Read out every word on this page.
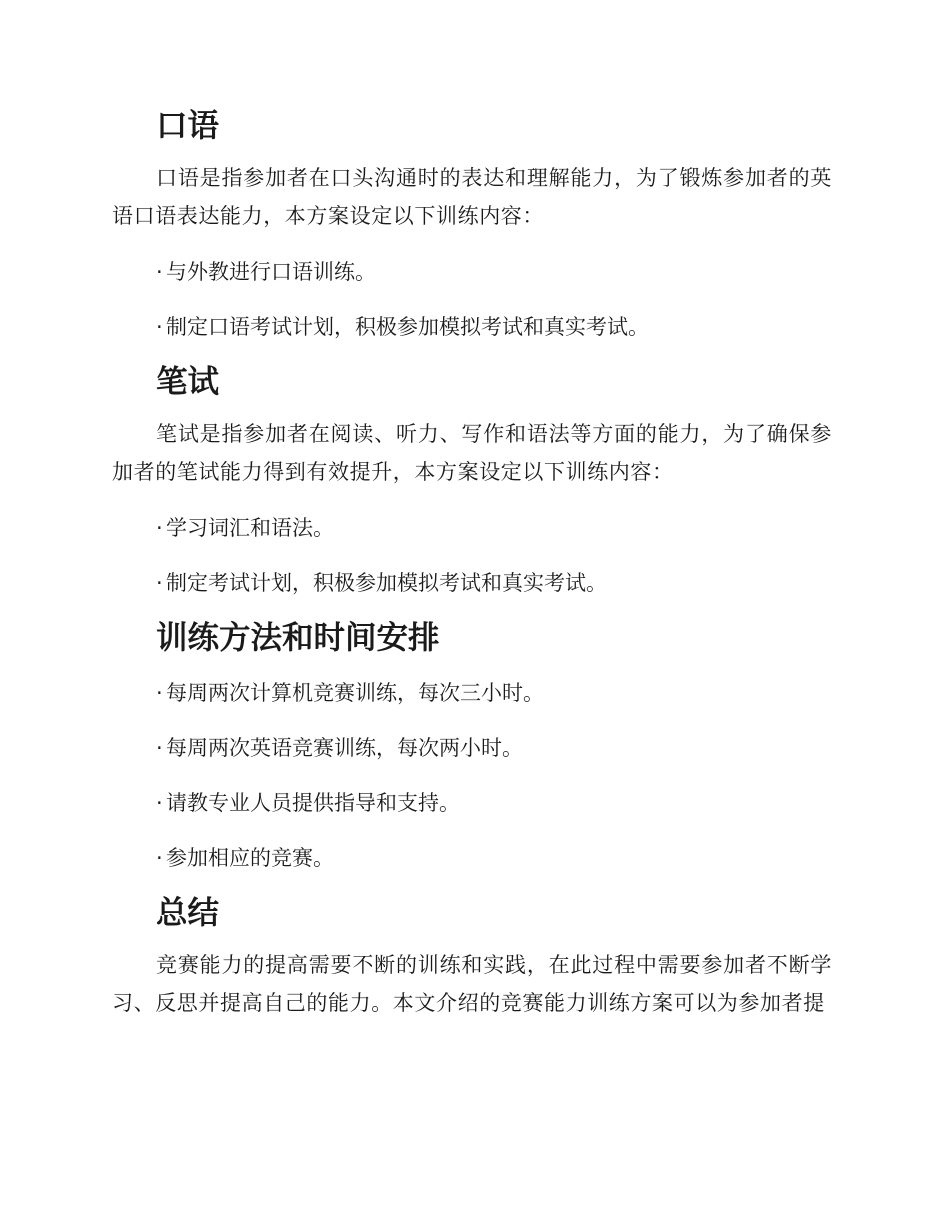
口语

口语是指参加者在口头沟通时的表达和理解能力，为了锻炼参加者的英语口语表达能力，本方案设定以下训练内容：

· 与外教进行口语训练。

· 制定口语考试计划，积极参加模拟考试和真实考试。

笔试

笔试是指参加者在阅读、听力、写作和语法等方面的能力，为了确保参加者的笔试能力得到有效提升，本方案设定以下训练内容：

· 学习词汇和语法。

· 制定考试计划，积极参加模拟考试和真实考试。

训练方法和时间安排

· 每周两次计算机竞赛训练，每次三小时。

· 每周两次英语竞赛训练，每次两小时。

· 请教专业人员提供指导和支持。

· 参加相应的竞赛。

总结

竞赛能力的提高需要不断的训练和实践，在此过程中需要参加者不断学习、反思并提高自己的能力。本文介绍的竞赛能力训练方案可以为参加者提
